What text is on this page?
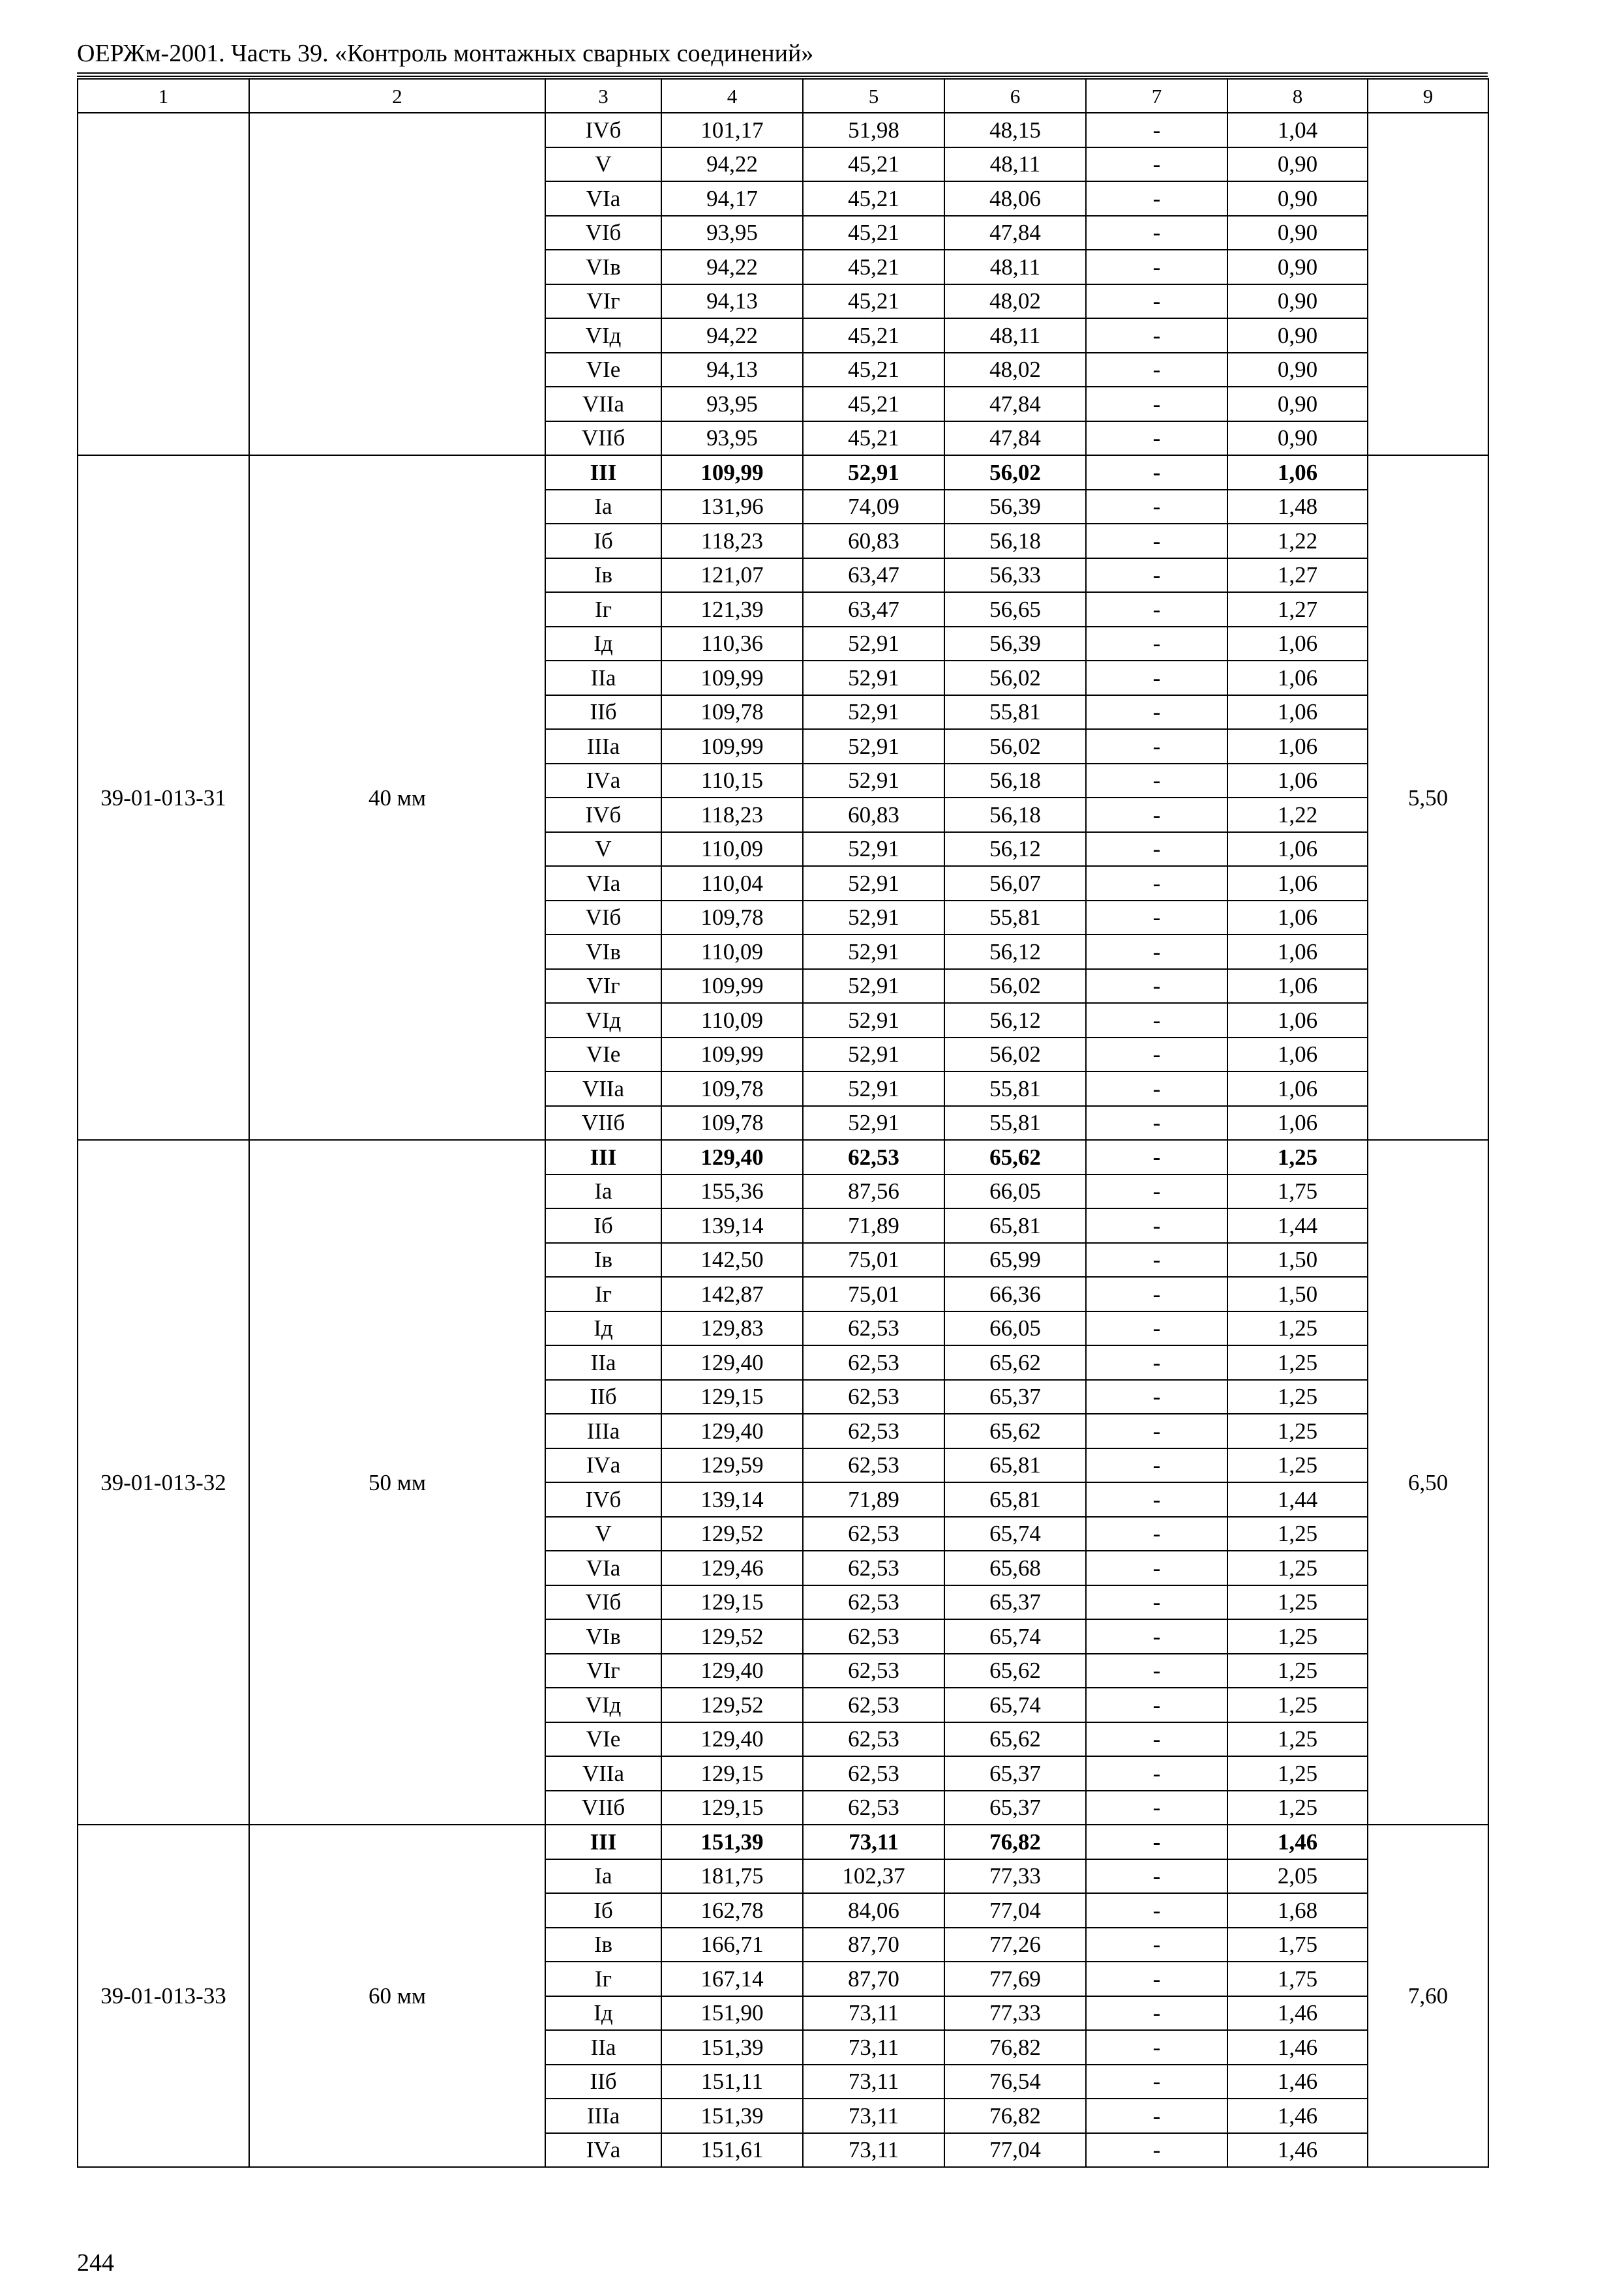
ОЕРЖм-2001. Часть 39. «Контроль монтажных сварных соединений»
1	2	3	4	5	6	7	8	9
		IVб	101,17	51,98	48,15	-	1,04	
		V	94,22	45,21	48,11	-	0,90	
		VIа	94,17	45,21	48,06	-	0,90	
		VIб	93,95	45,21	47,84	-	0,90	
		VIв	94,22	45,21	48,11	-	0,90	
		VIг	94,13	45,21	48,02	-	0,90	
		VIд	94,22	45,21	48,11	-	0,90	
		VIе	94,13	45,21	48,02	-	0,90	
		VIIа	93,95	45,21	47,84	-	0,90	
		VIIб	93,95	45,21	47,84	-	0,90	
39-01-013-31	40 мм	III	109,99	52,91	56,02	-	1,06	5,50
		Iа	131,96	74,09	56,39	-	1,48	
		Iб	118,23	60,83	56,18	-	1,22	
		Iв	121,07	63,47	56,33	-	1,27	
		Iг	121,39	63,47	56,65	-	1,27	
		Iд	110,36	52,91	56,39	-	1,06	
		IIа	109,99	52,91	56,02	-	1,06	
		IIб	109,78	52,91	55,81	-	1,06	
		IIIа	109,99	52,91	56,02	-	1,06	
		IVа	110,15	52,91	56,18	-	1,06	
		IVб	118,23	60,83	56,18	-	1,22	
		V	110,09	52,91	56,12	-	1,06	
		VIа	110,04	52,91	56,07	-	1,06	
		VIб	109,78	52,91	55,81	-	1,06	
		VIв	110,09	52,91	56,12	-	1,06	
		VIг	109,99	52,91	56,02	-	1,06	
		VIд	110,09	52,91	56,12	-	1,06	
		VIе	109,99	52,91	56,02	-	1,06	
		VIIа	109,78	52,91	55,81	-	1,06	
		VIIб	109,78	52,91	55,81	-	1,06	
39-01-013-32	50 мм	III	129,40	62,53	65,62	-	1,25	6,50
		Iа	155,36	87,56	66,05	-	1,75	
		Iб	139,14	71,89	65,81	-	1,44	
		Iв	142,50	75,01	65,99	-	1,50	
		Iг	142,87	75,01	66,36	-	1,50	
		Iд	129,83	62,53	66,05	-	1,25	
		IIа	129,40	62,53	65,62	-	1,25	
		IIб	129,15	62,53	65,37	-	1,25	
		IIIа	129,40	62,53	65,62	-	1,25	
		IVа	129,59	62,53	65,81	-	1,25	
		IVб	139,14	71,89	65,81	-	1,44	
		V	129,52	62,53	65,74	-	1,25	
		VIа	129,46	62,53	65,68	-	1,25	
		VIб	129,15	62,53	65,37	-	1,25	
		VIв	129,52	62,53	65,74	-	1,25	
		VIг	129,40	62,53	65,62	-	1,25	
		VIд	129,52	62,53	65,74	-	1,25	
		VIе	129,40	62,53	65,62	-	1,25	
		VIIа	129,15	62,53	65,37	-	1,25	
		VIIб	129,15	62,53	65,37	-	1,25	
39-01-013-33	60 мм	III	151,39	73,11	76,82	-	1,46	7,60
		Iа	181,75	102,37	77,33	-	2,05	
		Iб	162,78	84,06	77,04	-	1,68	
		Iв	166,71	87,70	77,26	-	1,75	
		Iг	167,14	87,70	77,69	-	1,75	
		Iд	151,90	73,11	77,33	-	1,46	
		IIа	151,39	73,11	76,82	-	1,46	
		IIб	151,11	73,11	76,54	-	1,46	
		IIIа	151,39	73,11	76,82	-	1,46	
		IVа	151,61	73,11	77,04	-	1,46	
244
